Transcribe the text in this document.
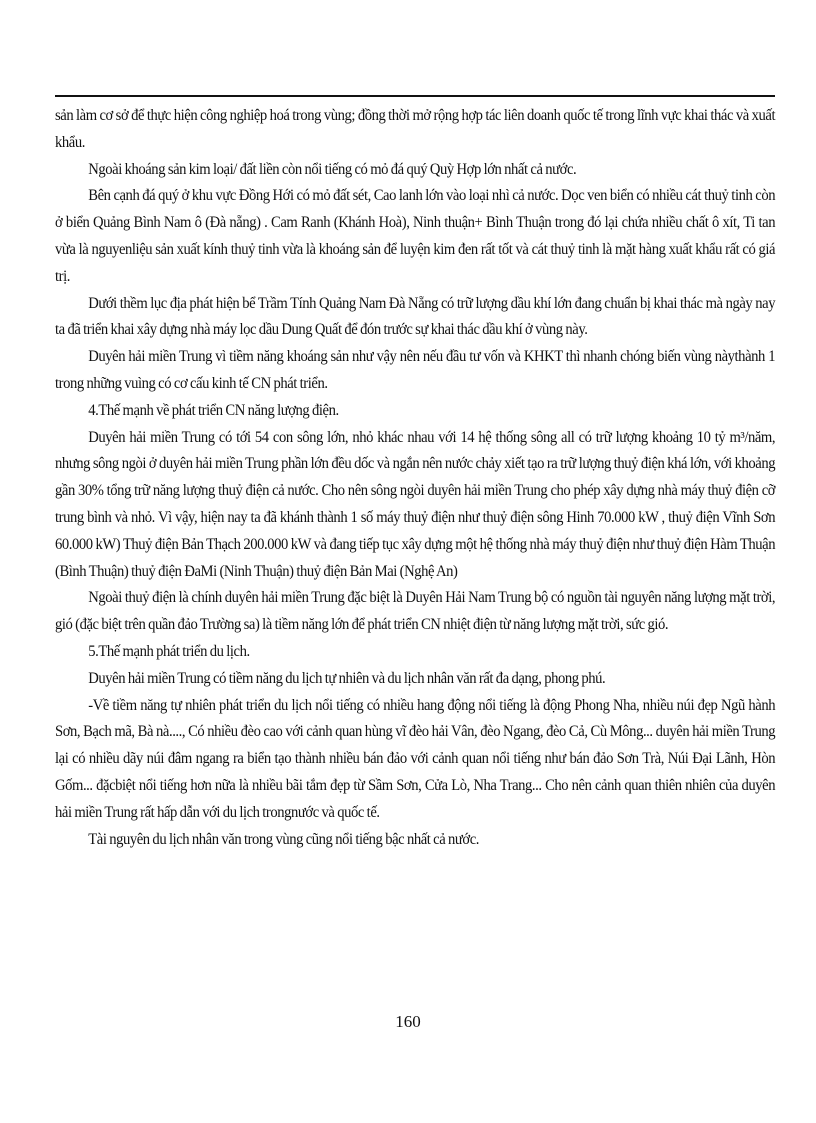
sản làm cơ sở để thực hiện công nghiệp hoá trong vùng; đồng thời mở rộng hợp tác liên doanh quốc tế trong lĩnh vực khai thác và xuất khẩu.

Ngoài khoáng sản kim loại/ đất liền còn nổi tiếng có mỏ đá quý Quỳ Hợp lớn nhất cả nước.

Bên cạnh đá quý ở khu vực Đồng Hới có mỏ đất sét, Cao lanh lớn vào loại nhì cả nước. Dọc ven biển có nhiều cát thuỷ tinh còn ở biển Quảng Bình Nam ô (Đà nẵng) . Cam Ranh (Khánh Hoà), Ninh thuận+ Bình Thuận trong đó lại chứa nhiều chất ô xít, Ti tan vừa là nguyenliệu sản xuất kính thuỷ tinh vừa là khoáng sản để luyện kim đen rất tốt và cát thuỷ tinh là mặt hàng xuất khẩu rất có giá trị.

Dưới thềm lục địa phát hiện bể Trầm Tính Quảng Nam Đà Nẵng có trữ lượng dầu khí lớn đang chuẩn bị khai thác mà ngày nay ta đã triển khai xây dựng nhà máy lọc dầu Dung Quất để đón trước sự khai thác dầu khí ở vùng này.

Duyên hải miền Trung vì tiềm năng khoáng sản như vậy nên nếu đầu tư vốn và KHKT thì nhanh chóng biến vùng nàythành 1 trong những vuìng có cơ cấu kinh tế CN phát triển.

4.Thế mạnh về phát triển CN năng lượng điện.

Duyên hải miền Trung có tới 54 con sông lớn, nhỏ khác nhau với 14 hệ thống sông all có trữ lượng khoảng 10 tỷ m³/năm, nhưng sông ngòi ở duyên hải miền Trung phần lớn đều dốc và ngắn nên nước chảy xiết tạo ra trữ lượng thuỷ điện khá lớn, với khoảng gần 30% tổng trữ năng lượng thuỷ điện cả nước. Cho nên sông ngòi duyên hải miền Trung cho phép xây dựng nhà máy thuỷ điện cỡ trung bình và nhỏ. Vì vậy, hiện nay ta đã khánh thành 1 số máy thuỷ điện như thuỷ điện sông Hinh 70.000 kW , thuỷ điện Vĩnh Sơn 60.000 kW) Thuỷ điện Bản Thạch 200.000 kW và đang tiếp tục xây dựng một hệ thống nhà máy thuỷ điện như thuỷ điện Hàm Thuận (Bình Thuận) thuỷ điện ĐaMi (Ninh Thuận) thuỷ điện Bản Mai (Nghệ An)

Ngoài thuỷ điện là chính duyên hải miền Trung đặc biệt là Duyên Hải Nam Trung bộ có nguồn tài nguyên năng lượng mặt trời, gió (đặc biệt trên quần đảo Trường sa) là tiềm năng lớn để phát triển CN nhiệt điện từ năng lượng mặt trời, sức gió.

5.Thế mạnh phát triển du lịch.

Duyên hải miền Trung có tiềm năng du lịch tự nhiên và du lịch nhân văn rất đa dạng, phong phú.

-Về tiềm năng tự nhiên phát triển du lịch nổi tiếng có nhiều hang động nổi tiếng là động Phong Nha, nhiều núi đẹp Ngũ hành Sơn, Bạch mã, Bà nà...., Có nhiều đèo cao với cảnh quan hùng vĩ đèo hải Vân, đèo Ngang, đèo Cả, Cù Mông... duyên hải miền Trung lại có nhiều dãy núi đâm ngang ra biển tạo thành nhiều bán đảo với cảnh quan nổi tiếng như bán đảo Sơn Trà, Núi Đại Lãnh, Hòn Gốm... đặcbiệt nổi tiếng hơn nữa là nhiều bãi tắm đẹp từ Sầm Sơn, Cửa Lò, Nha Trang... Cho nên cảnh quan thiên nhiên của duyên hải miền Trung rất hấp dẫn với du lịch trongnước và quốc tế.

Tài nguyên du lịch nhân văn trong vùng cũng nổi tiếng bậc nhất cả nước.

160
